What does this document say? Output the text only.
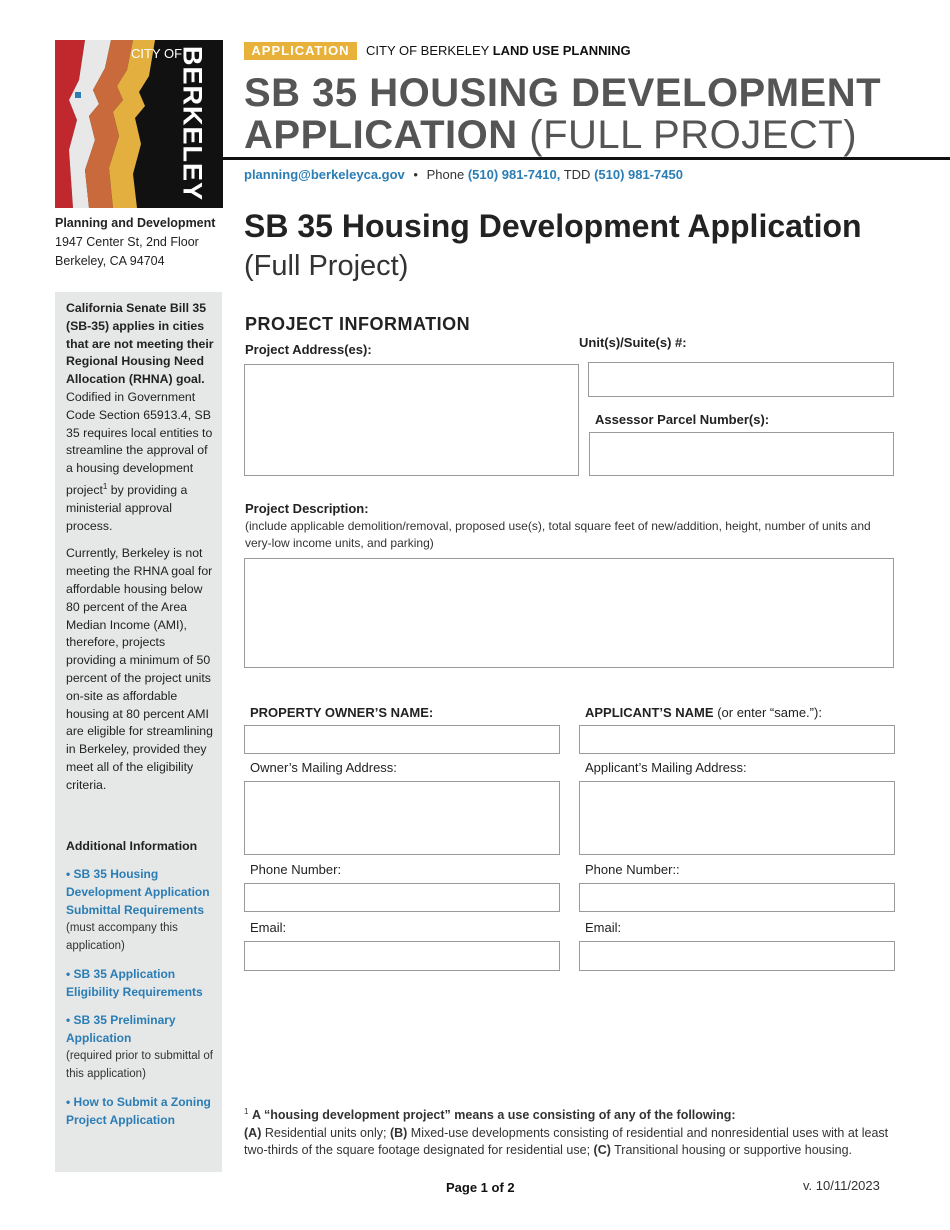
CITY OF
BERKELEY	APPLICATION	CITY OF BERKELEY LAND USE PLANNING
SB 35 HOUSING DEVELOPMENT
APPLICATION (FULL PROJECT)
planning@berkeleyca.gov • Phone (510) 981-7410, TDD (510) 981-7450
Planning and Development
1947 Center St, 2nd Floor
Berkeley, CA 94704

California Senate Bill 35 (SB-35) applies in cities that are not meeting their Regional Housing Need Allocation (RHNA) goal. Codified in Government Code Section 65913.4, SB 35 requires local entities to streamline the approval of a housing development project$^1$ by providing a ministerial approval process.

Currently, Berkeley is not meeting the RHNA goal for affordable housing below 80 percent of the Area Median Income (AMI), therefore, projects providing a minimum of 50 percent of the project units on-site as affordable housing at 80 percent AMI are eligible for streamlining in Berkeley, provided they meet all of the eligibility criteria.

Additional Information
• SB 35 Housing Development Application Submittal Requirements
(must accompany this application)
• SB 35 Application Eligibility Requirements
• SB 35 Preliminary Application
(required prior to submittal of this application)
• How to Submit a Zoning Project Application
SB 35 Housing Development Application
(Full Project)
PROJECT INFORMATION
Project Address(es):	Unit(s)/Suite(s) #:
Assessor Parcel Number(s):
Project Description:
(include applicable demolition/removal, proposed use(s), total square feet of new/addition, height, number of units and very-low income units, and parking)
PROPERTY OWNER’S NAME:	APPLICANT’S NAME (or enter “same.”):
Owner’s Mailing Address:	Applicant’s Mailing Address:
Phone Number:	Phone Number::
Email:	Email:
$^1$ A “housing development project” means a use consisting of any of the following:
(A) Residential units only; (B) Mixed-use developments consisting of residential and nonresidential uses with at least two-thirds of the square footage designated for residential use; (C) Transitional housing or supportive housing.
Page 1 of 2	v. 10/11/2023
